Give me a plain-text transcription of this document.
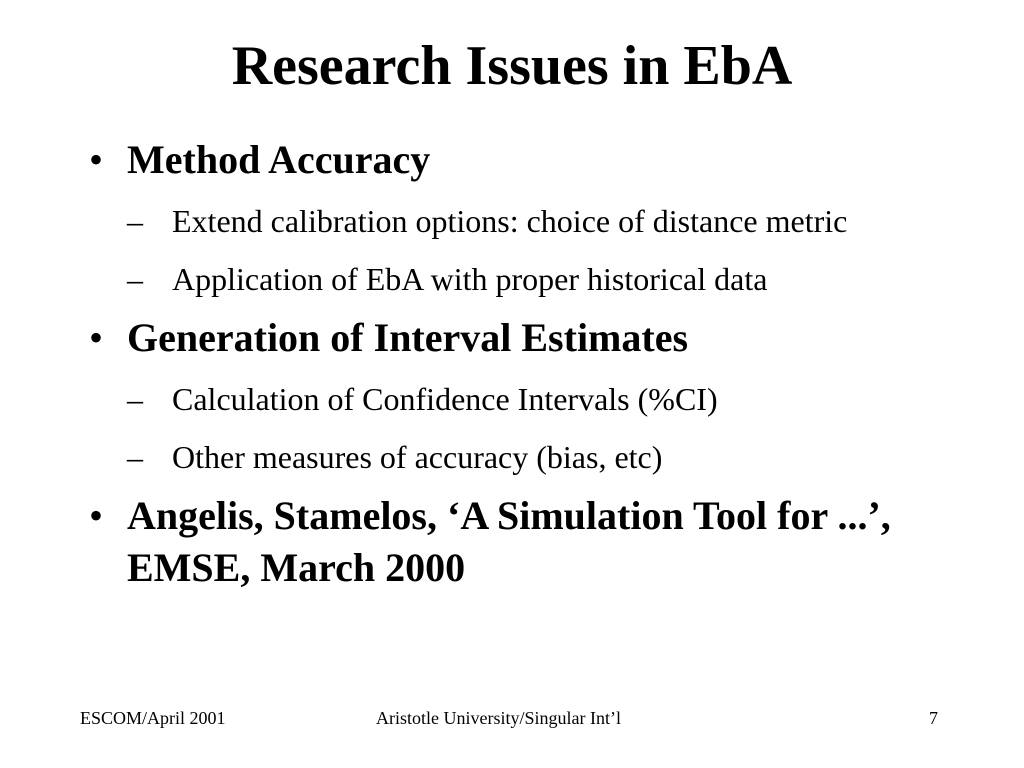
Research Issues in EbA
• Method Accuracy
– Extend calibration options: choice of distance metric
– Application of EbA with proper historical data
• Generation of Interval Estimates
– Calculation of Confidence Intervals (%CI)
– Other measures of accuracy (bias, etc)
• Angelis, Stamelos, ‘A Simulation Tool for ...’, EMSE, March 2000
ESCOM/April 2001	Aristotle University/Singular Int’l	7
